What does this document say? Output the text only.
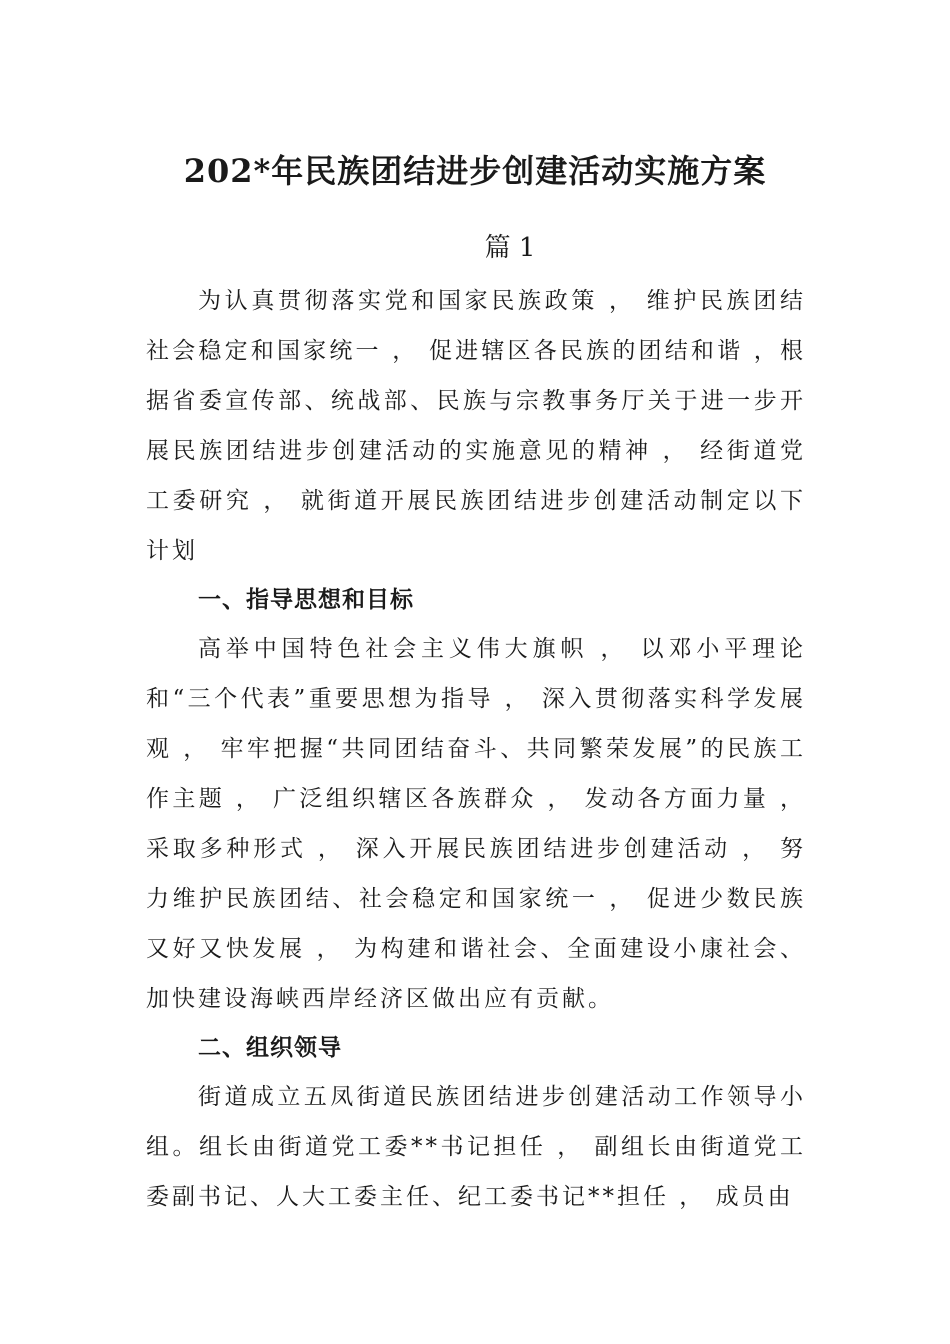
202*年民族团结进步创建活动实施方案
篇 1

为认真贯彻落实党和国家民族政策 ， 维护民族团结社会稳定和国家统一 ， 促进辖区各民族的团结和谐 ，根据省委宣传部、统战部、民族与宗教事务厅关于进一步开展民族团结进步创建活动的实施意见的精神 ， 经街道党工委研究 ， 就街道开展民族团结进步创建活动制定以下计划

一、指导思想和目标

高举中国特色社会主义伟大旗帜 ， 以邓小平理论和“三个代表”重要思想为指导 ， 深入贯彻落实科学发展观 ， 牢牢把握“共同团结奋斗、共同繁荣发展”的民族工作主题 ， 广泛组织辖区各族群众 ， 发动各方面力量 ， 采取多种形式 ， 深入开展民族团结进步创建活动 ， 努力维护民族团结、社会稳定和国家统一 ， 促进少数民族又好又快发展 ， 为构建和谐社会、全面建设小康社会、加快建设海峡西岸经济区做出应有贡献。

二、组织领导

街道成立五凤街道民族团结进步创建活动工作领导小组。组长由街道党工委**书记担任 ， 副组长由街道党工委副书记、人大工委主任、纪工委书记**担任 ， 成员由
